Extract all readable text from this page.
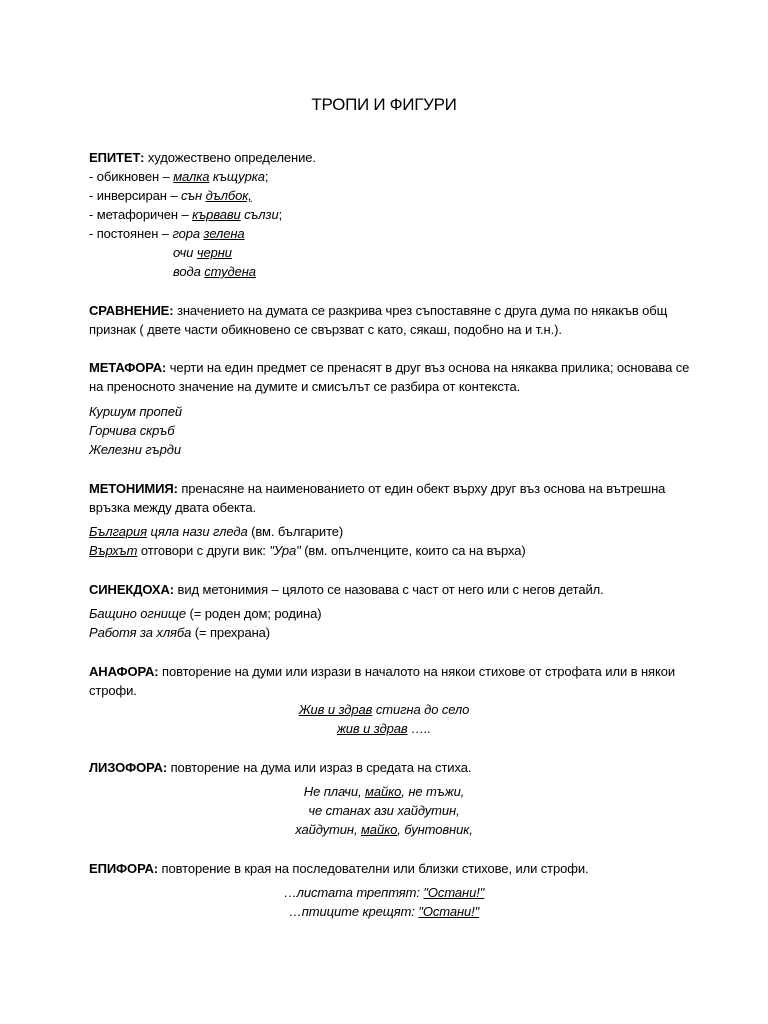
ТРОПИ И ФИГУРИ
ЕПИТЕТ: художествено определение.
- обикновен – малка къщурка;
- инверсиран – сън дълбок,
- метафоричен – кървави сълзи;
- постоянен – гора зелена
очи черни
вода студена
СРАВНЕНИЕ: значението на думата се разкрива чрез съпоставяне с друга дума по някакъв общ
признак ( двете части обикновено се свързват с като, сякаш, подобно на и т.н.).
МЕТАФОРА: черти на един предмет се пренасят в друг въз основа на някаква прилика; основава се
на преносното значение на думите и смисълът се разбира от контекста.
Куршум пропей
Горчива скръб
Железни гърди
МЕТОНИМИЯ: пренасяне на наименованието от един обект върху друг въз основа на вътрешна
връзка между двата обекта.
България цяла нази гледа (вм. българите)
Върхът отговори с други вик: "Ура" (вм. опълченците, които са на върха)
СИНЕКДОХА: вид метонимия – цялото се назовава с част от него или с негов детайл.
Бащино огнище (= роден дом; родина)
Работя за хляба (= прехрана)
АНАФОРА: повторение на думи или изрази в началото на някои стихове от строфата или в някои
строфи.
Жив и здрав стигна до село
жив и здрав …..
ЛИЗОФОРА: повторение на дума или израз в средата на стиха.
Не плачи, майко, не тъжи,
че станах ази хайдутин,
хайдутин, майко, бунтовник,
ЕПИФОРА: повторение в края на последователни или близки стихове, или строфи.
…листата трептят: "Остани!"
…птиците крещят: "Остани!"
